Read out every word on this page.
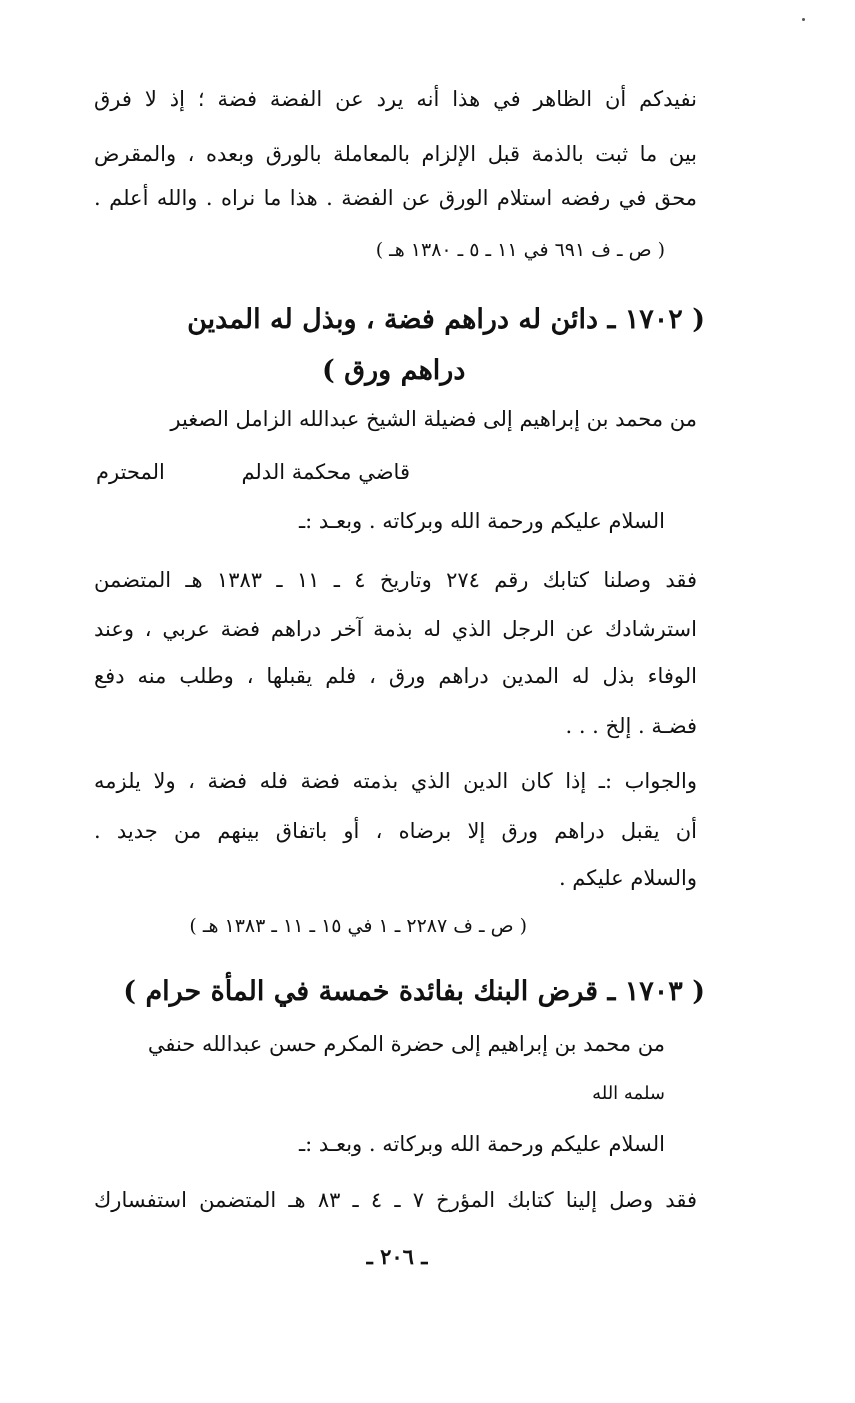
نفيدكم أن الظاهر في هذا أنه يرد عن الفضة فضة ؛ إذ لا فرق
بين ما ثبت بالذمة قبل الإلزام بالمعاملة بالورق وبعده ، والمقرض
محق في رفضه استلام الورق عن الفضة . هذا ما نراه . والله أعلم .
( ص ـ ف ٦٩١ في ١١ ـ ٥ ـ ١٣٨٠ هـ )
( ١٧٠٢ ـ دائن له دراهم فضة ، وبذل له المدين
دراهم ورق )
من محمد بن إبراهيم إلى فضيلة الشيخ عبدالله الزامل الصغير
قاضي محكمة الدلم
المحترم
السلام عليكم ورحمة الله وبركاته . وبعـد :ـ
فقد وصلنا كتابك رقم ٢٧٤ وتاريخ ٤ ـ ١١ ـ ١٣٨٣ هـ المتضمن
استرشادك عن الرجل الذي له بذمة آخر دراهم فضة عربي ، وعند
الوفاء بذل له المدين دراهم ورق ، فلم يقبلها ، وطلب منه دفع
فضـة . إلخ . . .
والجواب :ـ إذا كان الدين الذي بذمته فضة فله فضة ، ولا يلزمه
أن يقبل دراهم ورق إلا برضاه ، أو باتفاق بينهم من جديد .
والسلام عليكم .
( ص ـ ف ٢٢٨٧ ـ ١ في ١٥ ـ ١١ ـ ١٣٨٣ هـ )
( ١٧٠٣ ـ قرض البنك بفائدة خمسة في المأة حرام )
من محمد بن إبراهيم إلى حضرة المكرم حسن عبدالله حنفي
سلمه الله
السلام عليكم ورحمة الله وبركاته . وبعـد :ـ
فقد وصل إلينا كتابك المؤرخ ٧ ـ ٤ ـ ٨٣ هـ المتضمن استفسارك
ـ ٢٠٦ ـ
